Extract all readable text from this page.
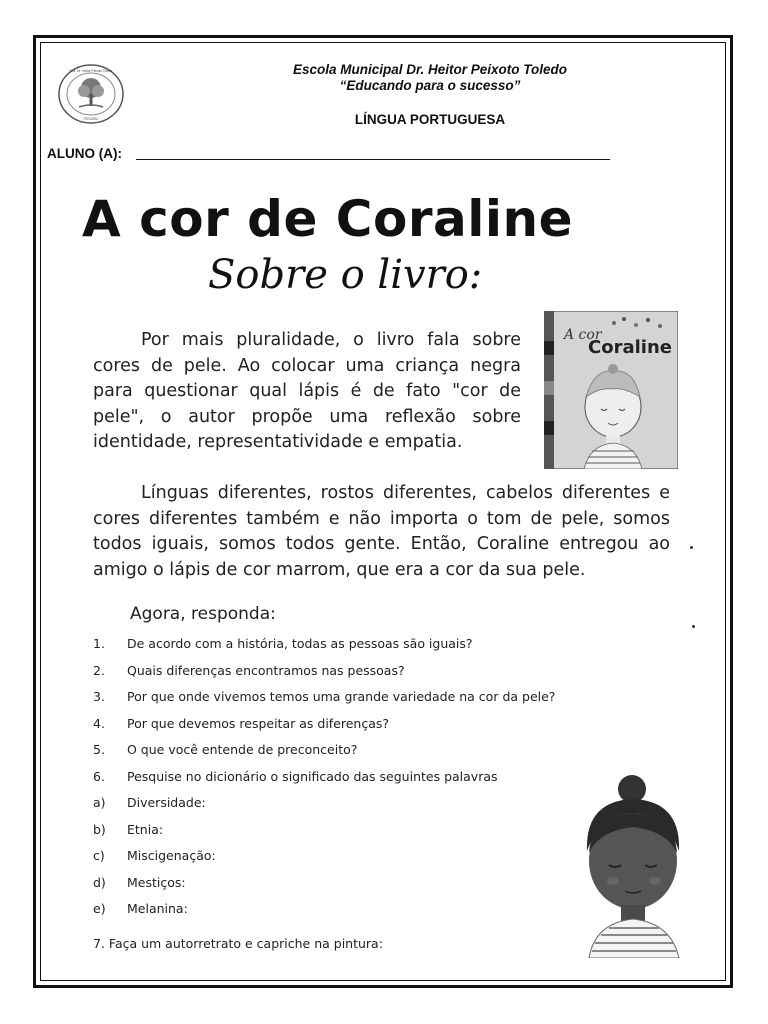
E.M. Dr. Heitor Peixoto Toledo
ITIRUSSU
Escola Municipal Dr. Heitor Peixoto Toledo
“Educando para o sucesso”
LÍNGUA PORTUGUESA
ALUNO (A):
A cor de Coraline
Sobre o livro:
Por mais pluralidade, o livro fala sobre cores de pele. Ao colocar uma criança negra para questionar qual lápis é de fato "cor de pele", o autor propõe uma reflexão sobre identidade, representatividade e empatia.
A cor
Coraline
Línguas diferentes, rostos diferentes, cabelos diferentes e cores diferentes também e não importa o tom de pele, somos todos iguais, somos todos gente. Então, Coraline entregou ao amigo o lápis de cor marrom, que era a cor da sua pele.
Agora, responda:
1. De acordo com a história, todas as pessoas são iguais?
2. Quais diferenças encontramos nas pessoas?
3. Por que onde vivemos temos uma grande variedade na cor da pele?
4. Por que devemos respeitar as diferenças?
5. O que você entende de preconceito?
6. Pesquise no dicionário o significado das seguintes palavras
a) Diversidade:
b) Etnia:
c) Miscigenação:
d) Mestiços:
e) Melanina:
7. Faça um autorretrato e capriche na pintura:
